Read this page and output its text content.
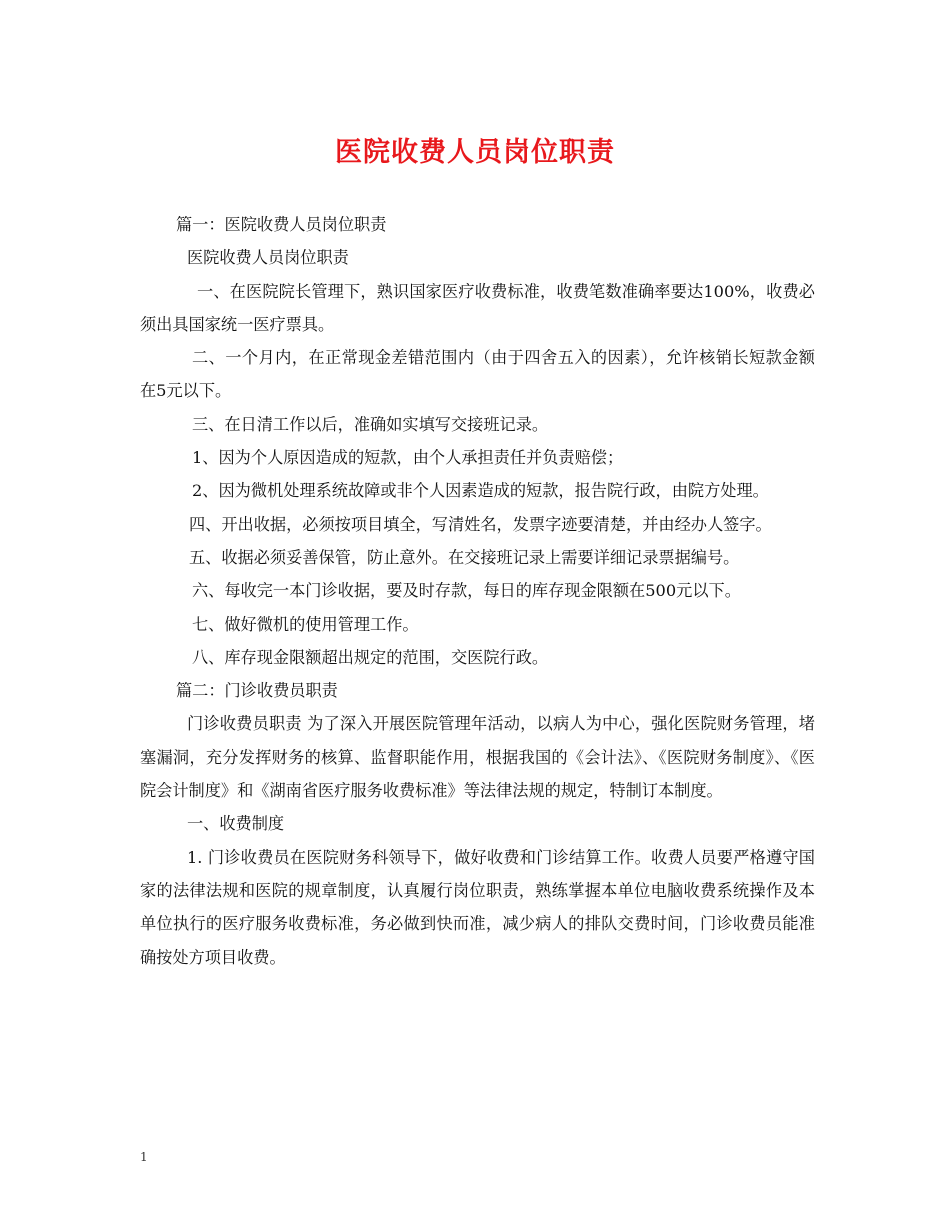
医院收费人员岗位职责

篇一：医院收费人员岗位职责

医院收费人员岗位职责

一、在医院院长管理下，熟识国家医疗收费标准，收费笔数准确率要达100%，收费必须出具国家统一医疗票具。

二、一个月内，在正常现金差错范围内（由于四舍五入的因素），允许核销长短款金额在5元以下。

三、在日清工作以后，准确如实填写交接班记录。

1、因为个人原因造成的短款，由个人承担责任并负责赔偿；

2、因为微机处理系统故障或非个人因素造成的短款，报告院行政，由院方处理。

四、开出收据，必须按项目填全，写清姓名，发票字迹要清楚，并由经办人签字。

五、收据必须妥善保管，防止意外。在交接班记录上需要详细记录票据编号。

六、每收完一本门诊收据，要及时存款，每日的库存现金限额在500元以下。

七、做好微机的使用管理工作。

八、库存现金限额超出规定的范围，交医院行政。

篇二：门诊收费员职责

门诊收费员职责 为了深入开展医院管理年活动，以病人为中心，强化医院财务管理，堵塞漏洞，充分发挥财务的核算、监督职能作用，根据我国的《会计法》、《医院财务制度》、《医院会计制度》和《湖南省医疗服务收费标准》等法律法规的规定，特制订本制度。

一、收费制度

1. 门诊收费员在医院财务科领导下，做好收费和门诊结算工作。收费人员要严格遵守国家的法律法规和医院的规章制度，认真履行岗位职责，熟练掌握本单位电脑收费系统操作及本单位执行的医疗服务收费标准，务必做到快而准，减少病人的排队交费时间，门诊收费员能准确按处方项目收费。

1
